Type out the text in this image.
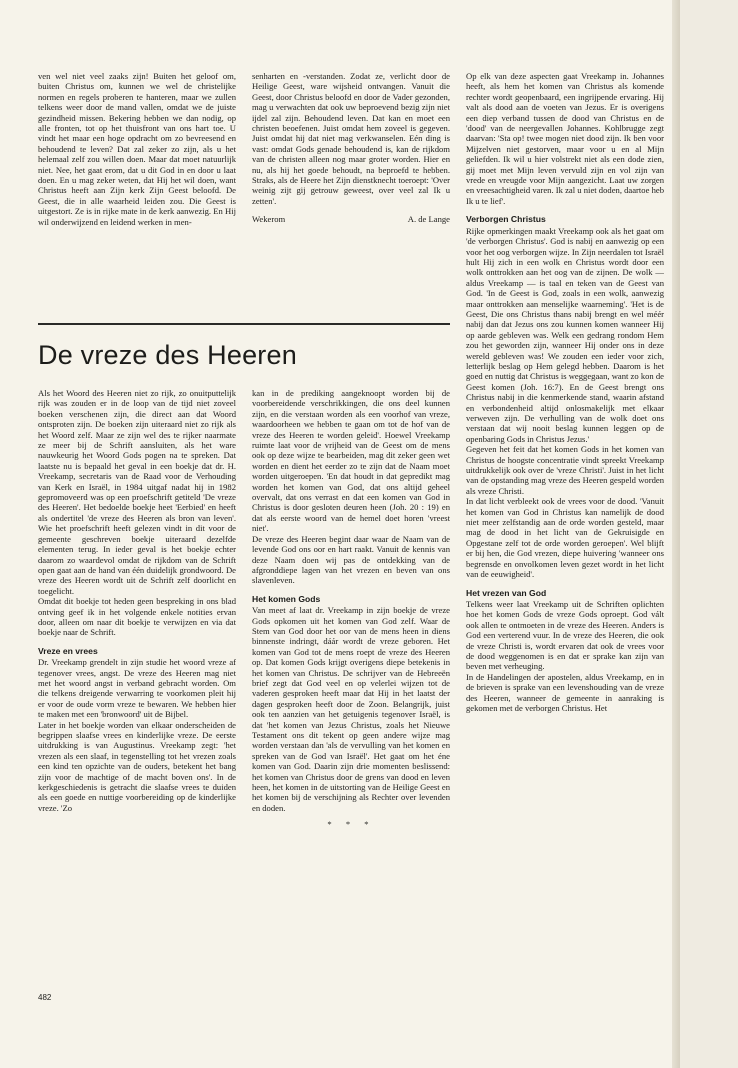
ven wel niet veel zaaks zijn! Buiten het geloof om, buiten Christus om, kunnen we wel de christelijke normen en regels proberen te hanteren, maar we zullen telkens weer door de mand vallen, omdat we de juiste gezindheid missen. Bekering hebben we dan nodig, op alle fronten, tot op het thuisfront van ons hart toe. U vindt het maar een hoge opdracht om zo bevreesend en behoudend te leven? Dat zal zeker zo zijn, als u het helemaal zelf zou willen doen. Maar dat moet natuurlijk niet. Nee, het gaat erom, dat u dit God in en door u laat doen. En u mag zeker weten, dat Hij het wil doen, want Christus heeft aan Zijn kerk Zijn Geest beloofd. De Geest, die in alle waarheid leiden zou. Die Geest is uitgestort. Ze is in rijke mate in de kerk aanwezig. En Hij wil onderwijzend en leidend werken in men-

senharten en -verstanden. Zodat ze, verlicht door de Heilige Geest, ware wijsheid ontvangen. Vanuit die Geest, door Christus beloofd en door de Vader gezonden, mag u verwachten dat ook uw beproevend bezig zijn niet ijdel zal zijn. Behoudend leven. Dat kan en moet een christen beoefenen. Juist omdat hem zoveel is gegeven. Juist omdat hij dat niet mag verkwanselen. Eén ding is vast: omdat Gods genade behoudend is, kan de rijkdom van de christen alleen nog maar groter worden. Hier en nu, als hij het goede behoudt, na beproefd te hebben. Straks, als de Heere het Zijn dienstknecht toeroept: 'Over weinig zijt gij getrouw geweest, over veel zal Ik u zetten'.

Wekerom	A. de Lange
De vreze des Heeren

Als het Woord des Heeren niet zo rijk, zo onuitputtelijk rijk was zouden er in de loop van de tijd niet zoveel boeken verschenen zijn, die direct aan dat Woord ontsproten zijn. De boeken zijn uiteraard niet zo rijk als het Woord zelf. Maar ze zijn wel des te rijker naarmate ze meer bij de Schrift aansluiten, als het ware nauwkeurig het Woord Gods pogen na te spreken. Dat laatste nu is bepaald het geval in een boekje dat dr. H. Vreekamp, secretaris van de Raad voor de Verhouding van Kerk en Israël, in 1984 uitgaf nadat hij in 1982 gepromoveerd was op een proefschrift getiteld 'De vreze des Heeren'. Het bedoelde boekje heet 'Eerbied' en heeft als ondertitel 'de vreze des Heeren als bron van leven'. Wie het proefschrift heeft gelezen vindt in dit voor de gemeente geschreven boekje uiteraard dezelfde elementen terug. In ieder geval is het boekje echter daarom zo waardevol omdat de rijkdom van de Schrift open gaat aan de hand van één duidelijk grondwoord. De vreze des Heeren wordt uit de Schrift zelf doorlicht en toegelicht.

Omdat dit boekje tot heden geen bespreking in ons blad ontving geef ik in het volgende enkele notities ervan door, alleen om naar dit boekje te verwijzen en via dat boekje naar de Schrift.

Vreze en vrees

Dr. Vreekamp grendelt in zijn studie het woord vreze af tegenover vrees, angst. De vreze des Heeren mag niet met het woord angst in verband gebracht worden. Om die telkens dreigende verwarring te voorkomen pleit hij er voor de oude vorm vreze te bewaren. We hebben hier te maken met een 'bronwoord' uit de Bijbel.

Later in het boekje worden van elkaar onderscheiden de begrippen slaafse vrees en kinderlijke vreze. De eerste uitdrukking is van Augustinus. Vreekamp zegt: 'het vrezen als een slaaf, in tegenstelling tot het vrezen zoals een kind ten opzichte van de ouders, betekent het bang zijn voor de machtige of de macht boven ons'. In de kerkgeschiedenis is getracht die slaafse vrees te duiden als een goede en nuttige voorbereiding op de kinderlijke vreze. 'Zo

kan in de prediking aangeknoopt worden bij de voorbereidende verschrikkingen, die ons deel kunnen zijn, en die verstaan worden als een voorhof van vreze, waardoorheen we hebben te gaan om tot de hof van de vreze des Heeren te worden geleid'. Hoewel Vreekamp ruimte laat voor de vrijheid van de Geest om de mens ook op deze wijze te bearbeiden, mag dit zeker geen wet worden en dient het eerder zo te zijn dat de Naam moet worden uitgeroepen. 'En dat houdt in dat gepredikt mag worden het komen van God, dat ons altijd geheel overvalt, dat ons verrast en dat een komen van God in Christus is door gesloten deuren heen (Joh. 20 : 19) en dat als eerste woord van de hemel doet horen 'vreest niet'.

De vreze des Heeren begint daar waar de Naam van de levende God ons oor en hart raakt. Vanuit de kennis van deze Naam doen wij pas de ontdekking van de afgronddiepe lagen van het vrezen en beven van ons slavenleven.

Het komen Gods

Van meet af laat dr. Vreekamp in zijn boekje de vreze Gods opkomen uit het komen van God zelf. Waar de Stem van God door het oor van de mens heen in diens binnenste indringt, dáár wordt de vreze geboren. Het komen van God tot de mens roept de vreze des Heeren op. Dat komen Gods krijgt overigens diepe betekenis in het komen van Christus. De schrijver van de Hebreeën brief zegt dat God veel en op velerlei wijzen tot de vaderen gesproken heeft maar dat Hij in het laatst der dagen gesproken heeft door de Zoon. Belangrijk, juist ook ten aanzien van het getuigenis tegenover Israël, is dat 'het komen van Jezus Christus, zoals het Nieuwe Testament ons dit tekent op geen andere wijze mag worden verstaan dan 'als de vervulling van het komen en spreken van de God van Israël'. Het gaat om het éne komen van God. Daarin zijn drie momenten beslissend: het komen van Christus door de grens van dood en leven heen, het komen in de uitstorting van de Heilige Geest en het komen bij de verschijning als Rechter over levenden en doden.

* * *

Op elk van deze aspecten gaat Vreekamp in. Johannes heeft, als hem het komen van Christus als komende rechter wordt geopenbaard, een ingrijpende ervaring. Hij valt als dood aan de voeten van Jezus. Er is overigens een diep verband tussen de dood van Christus en de 'dood' van de neergevallen Johannes. Kohlbrugge zegt daarvan: 'Sta op! twee mogen niet dood zijn. Ik ben voor Mijzelven niet gestorven, maar voor u en al Mijn geliefden. Ik wil u hier volstrekt niet als een dode zien, gij moet met Mijn leven vervuld zijn en vol zijn van vrede en vreugde voor Mijn aangezicht. Laat uw zorgen en vreesachtigheid varen. Ik zal u niet doden, daartoe heb Ik u te lief'.

Verborgen Christus

Rijke opmerkingen maakt Vreekamp ook als het gaat om 'de verborgen Christus'. God is nabij en aanwezig op een voor het oog verborgen wijze. In Zijn neerdalen tot Israël hult Hij zich in een wolk en Christus wordt door een wolk onttrokken aan het oog van de zijnen. De wolk — aldus Vreekamp — is taal en teken van de Geest van God. 'In de Geest is God, zoals in een wolk, aanwezig maar onttrokken aan menselijke waarneming'. 'Het is de Geest, Die ons Christus thans nabij brengt en wel méér nabij dan dat Jezus ons zou kunnen komen wanneer Hij op aarde gebleven was. Welk een gedrang rondom Hem zou het geworden zijn, wanneer Hij onder ons in deze wereld gebleven was! We zouden een ieder voor zich, letterlijk beslag op Hem gelegd hebben. Daarom is het goed en nuttig dat Christus is weggegaan, want zo kon de Geest komen (Joh. 16:7). En de Geest brengt ons Christus nabij in die kenmerkende stand, waarin afstand en verbondenheid altijd onlosmakelijk met elkaar verweven zijn. De verhulling van de wolk doet ons verstaan dat wij nooit beslag kunnen leggen op de openbaring Gods in Christus Jezus.'

Gegeven het feit dat het komen Gods in het komen van Christus de hoogste concentratie vindt spreekt Vreekamp uitdrukkelijk ook over de 'vreze Christi'. Juist in het licht van de opstanding mag vreze des Heeren gespeld worden als vreze Christi.

In dat licht verbleekt ook de vrees voor de dood. 'Vanuit het komen van God in Christus kan namelijk de dood niet meer zelfstandig aan de orde worden gesteld, maar mag de dood in het licht van de Gekruisigde en Opgestane zelf tot de orde worden geroepen'. Wel blijft er bij hen, die God vrezen, diepe huivering 'wanneer ons begrensde en onvolkomen leven gezet wordt in het licht van de eeuwigheid'.

Het vrezen van God

Telkens weer laat Vreekamp uit de Schriften oplichten hoe het komen Gods de vreze Gods oproept. God vált ook allen te ontmoeten in de vreze des Heeren. Anders is God een verterend vuur. In de vreze des Heeren, die ook de vreze Christi is, wordt ervaren dat ook de vrees voor de dood weggenomen is en dat er sprake kan zijn van beven met verheuging.

In de Handelingen der apostelen, aldus Vreekamp, en in de brieven is sprake van een levenshouding van de vreze des Heeren, wanneer de gemeente in aanraking is gekomen met de verborgen Christus. Het

482
